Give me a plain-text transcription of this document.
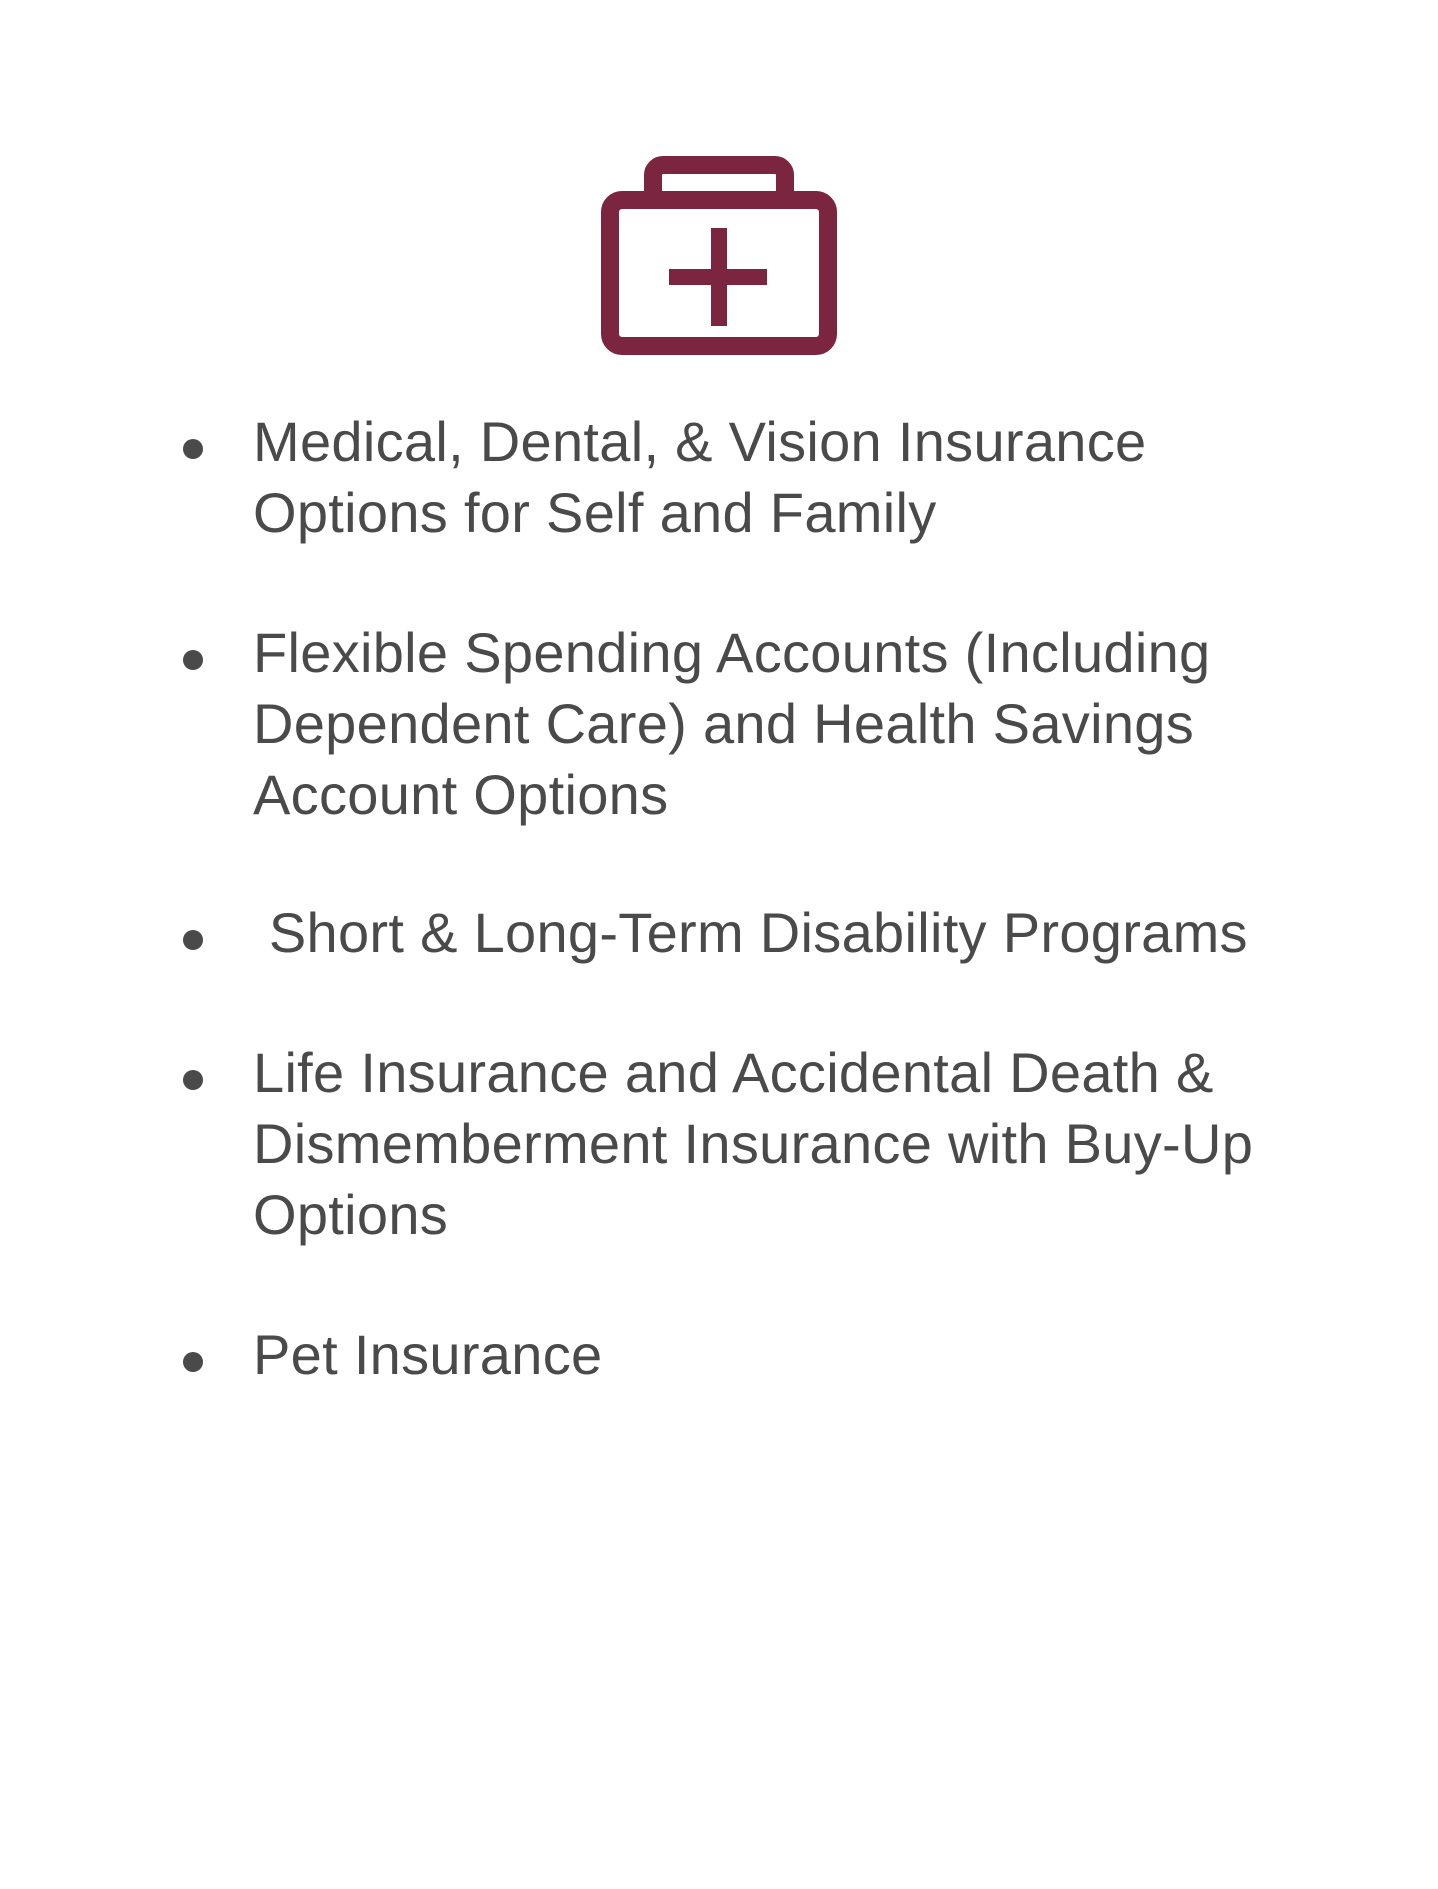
Medical, Dental, & Vision Insurance
Options for Self and Family
Flexible Spending Accounts (Including
Dependent Care) and Health Savings
Account Options
Short & Long-Term Disability Programs
Life Insurance and Accidental Death &
Dismemberment Insurance with Buy-Up
Options
Pet Insurance
